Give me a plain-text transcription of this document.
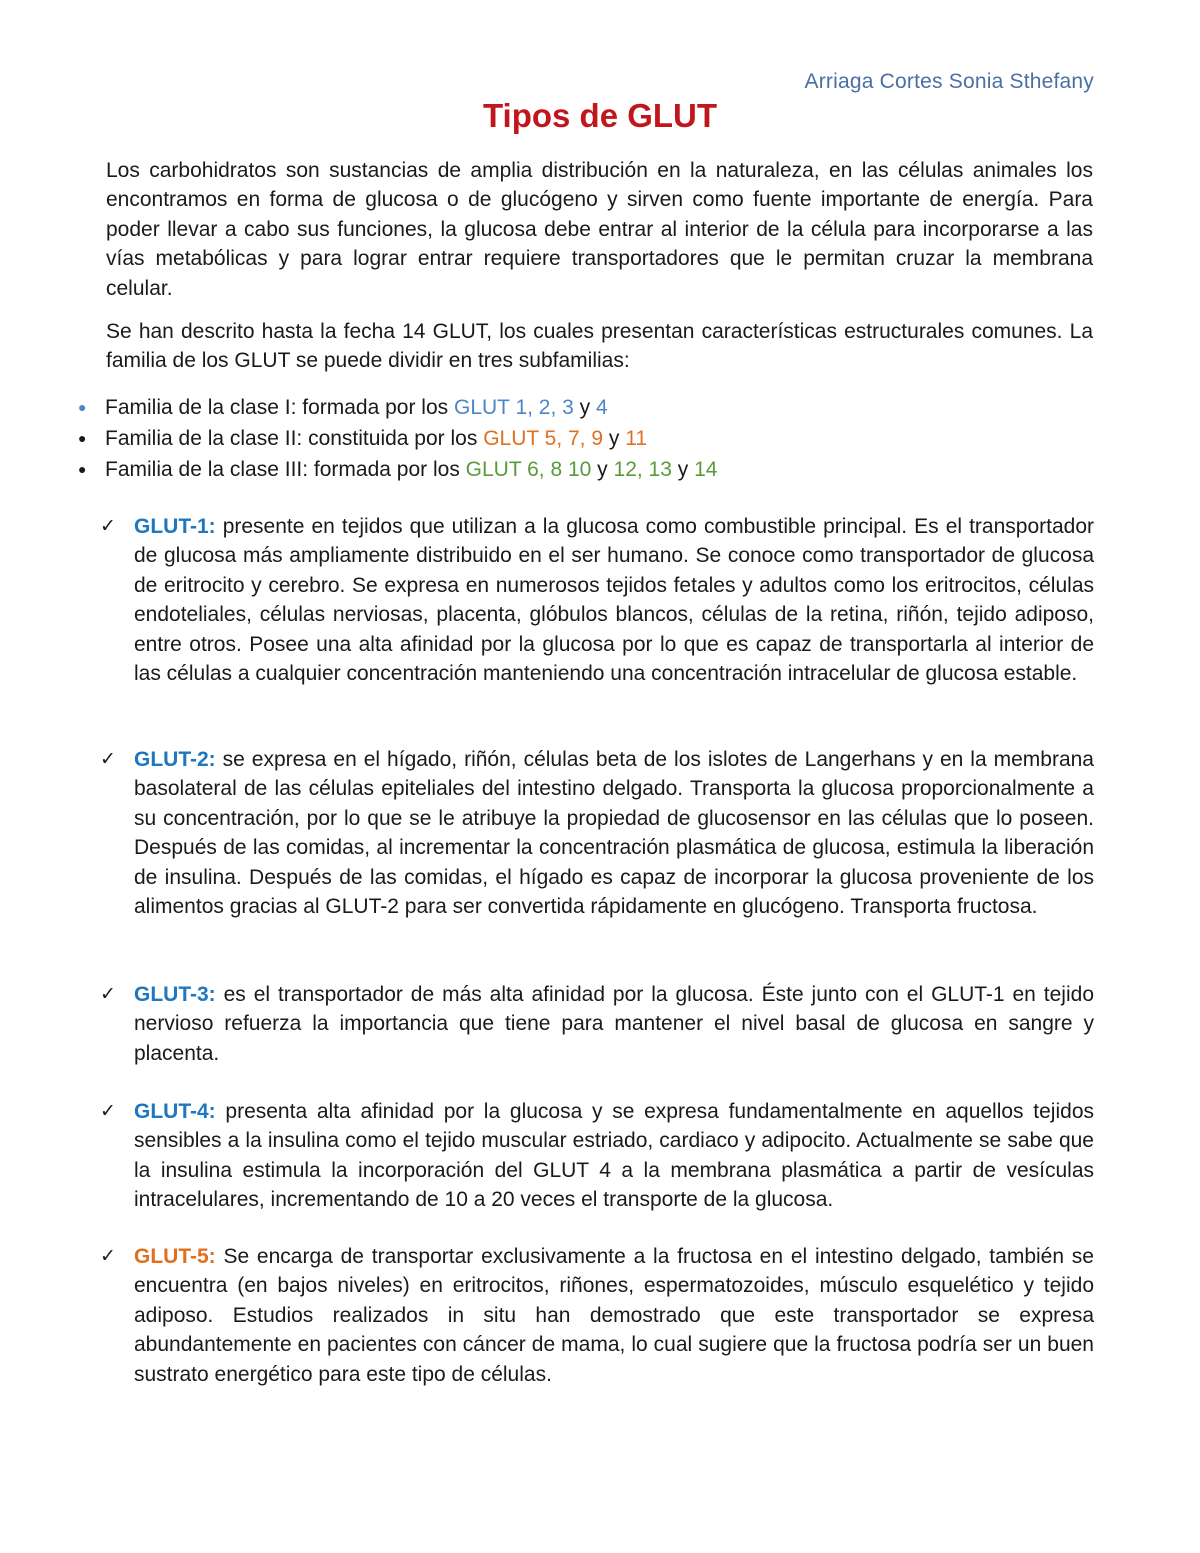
Arriaga Cortes Sonia Sthefany
Tipos de GLUT
Los carbohidratos son sustancias de amplia distribución en la naturaleza, en las células animales los encontramos en forma de glucosa o de glucógeno y sirven como fuente importante de energía. Para poder llevar a cabo sus funciones, la glucosa debe entrar al interior de la célula para incorporarse a las vías metabólicas y para lograr entrar requiere transportadores que le permitan cruzar la membrana celular.
Se han descrito hasta la fecha 14 GLUT, los cuales presentan características estructurales comunes. La familia de los GLUT se puede dividir en tres subfamilias:
● Familia de la clase I: formada por los GLUT 1, 2, 3 y 4
● Familia de la clase II: constituida por los GLUT 5, 7, 9 y 11
● Familia de la clase III: formada por los GLUT 6, 8 10 y 12, 13 y 14
✓ GLUT-1: presente en tejidos que utilizan a la glucosa como combustible principal. Es el transportador de glucosa más ampliamente distribuido en el ser humano. Se conoce como transportador de glucosa de eritrocito y cerebro. Se expresa en numerosos tejidos fetales y adultos como los eritrocitos, células endoteliales, células nerviosas, placenta, glóbulos blancos, células de la retina, riñón, tejido adiposo, entre otros. Posee una alta afinidad por la glucosa por lo que es capaz de transportarla al interior de las células a cualquier concentración manteniendo una concentración intracelular de glucosa estable.
✓ GLUT-2: se expresa en el hígado, riñón, células beta de los islotes de Langerhans y en la membrana basolateral de las células epiteliales del intestino delgado. Transporta la glucosa proporcionalmente a su concentración, por lo que se le atribuye la propiedad de glucosensor en las células que lo poseen. Después de las comidas, al incrementar la concentración plasmática de glucosa, estimula la liberación de insulina. Después de las comidas, el hígado es capaz de incorporar la glucosa proveniente de los alimentos gracias al GLUT-2 para ser convertida rápidamente en glucógeno. Transporta fructosa.
✓ GLUT-3: es el transportador de más alta afinidad por la glucosa. Éste junto con el GLUT-1 en tejido nervioso refuerza la importancia que tiene para mantener el nivel basal de glucosa en sangre y placenta.
✓ GLUT-4: presenta alta afinidad por la glucosa y se expresa fundamentalmente en aquellos tejidos sensibles a la insulina como el tejido muscular estriado, cardiaco y adipocito. Actualmente se sabe que la insulina estimula la incorporación del GLUT 4 a la membrana plasmática a partir de vesículas intracelulares, incrementando de 10 a 20 veces el transporte de la glucosa.
✓ GLUT-5: Se encarga de transportar exclusivamente a la fructosa en el intestino delgado, también se encuentra (en bajos niveles) en eritrocitos, riñones, espermatozoides, músculo esquelético y tejido adiposo. Estudios realizados in situ han demostrado que este transportador se expresa abundantemente en pacientes con cáncer de mama, lo cual sugiere que la fructosa podría ser un buen sustrato energético para este tipo de células.
